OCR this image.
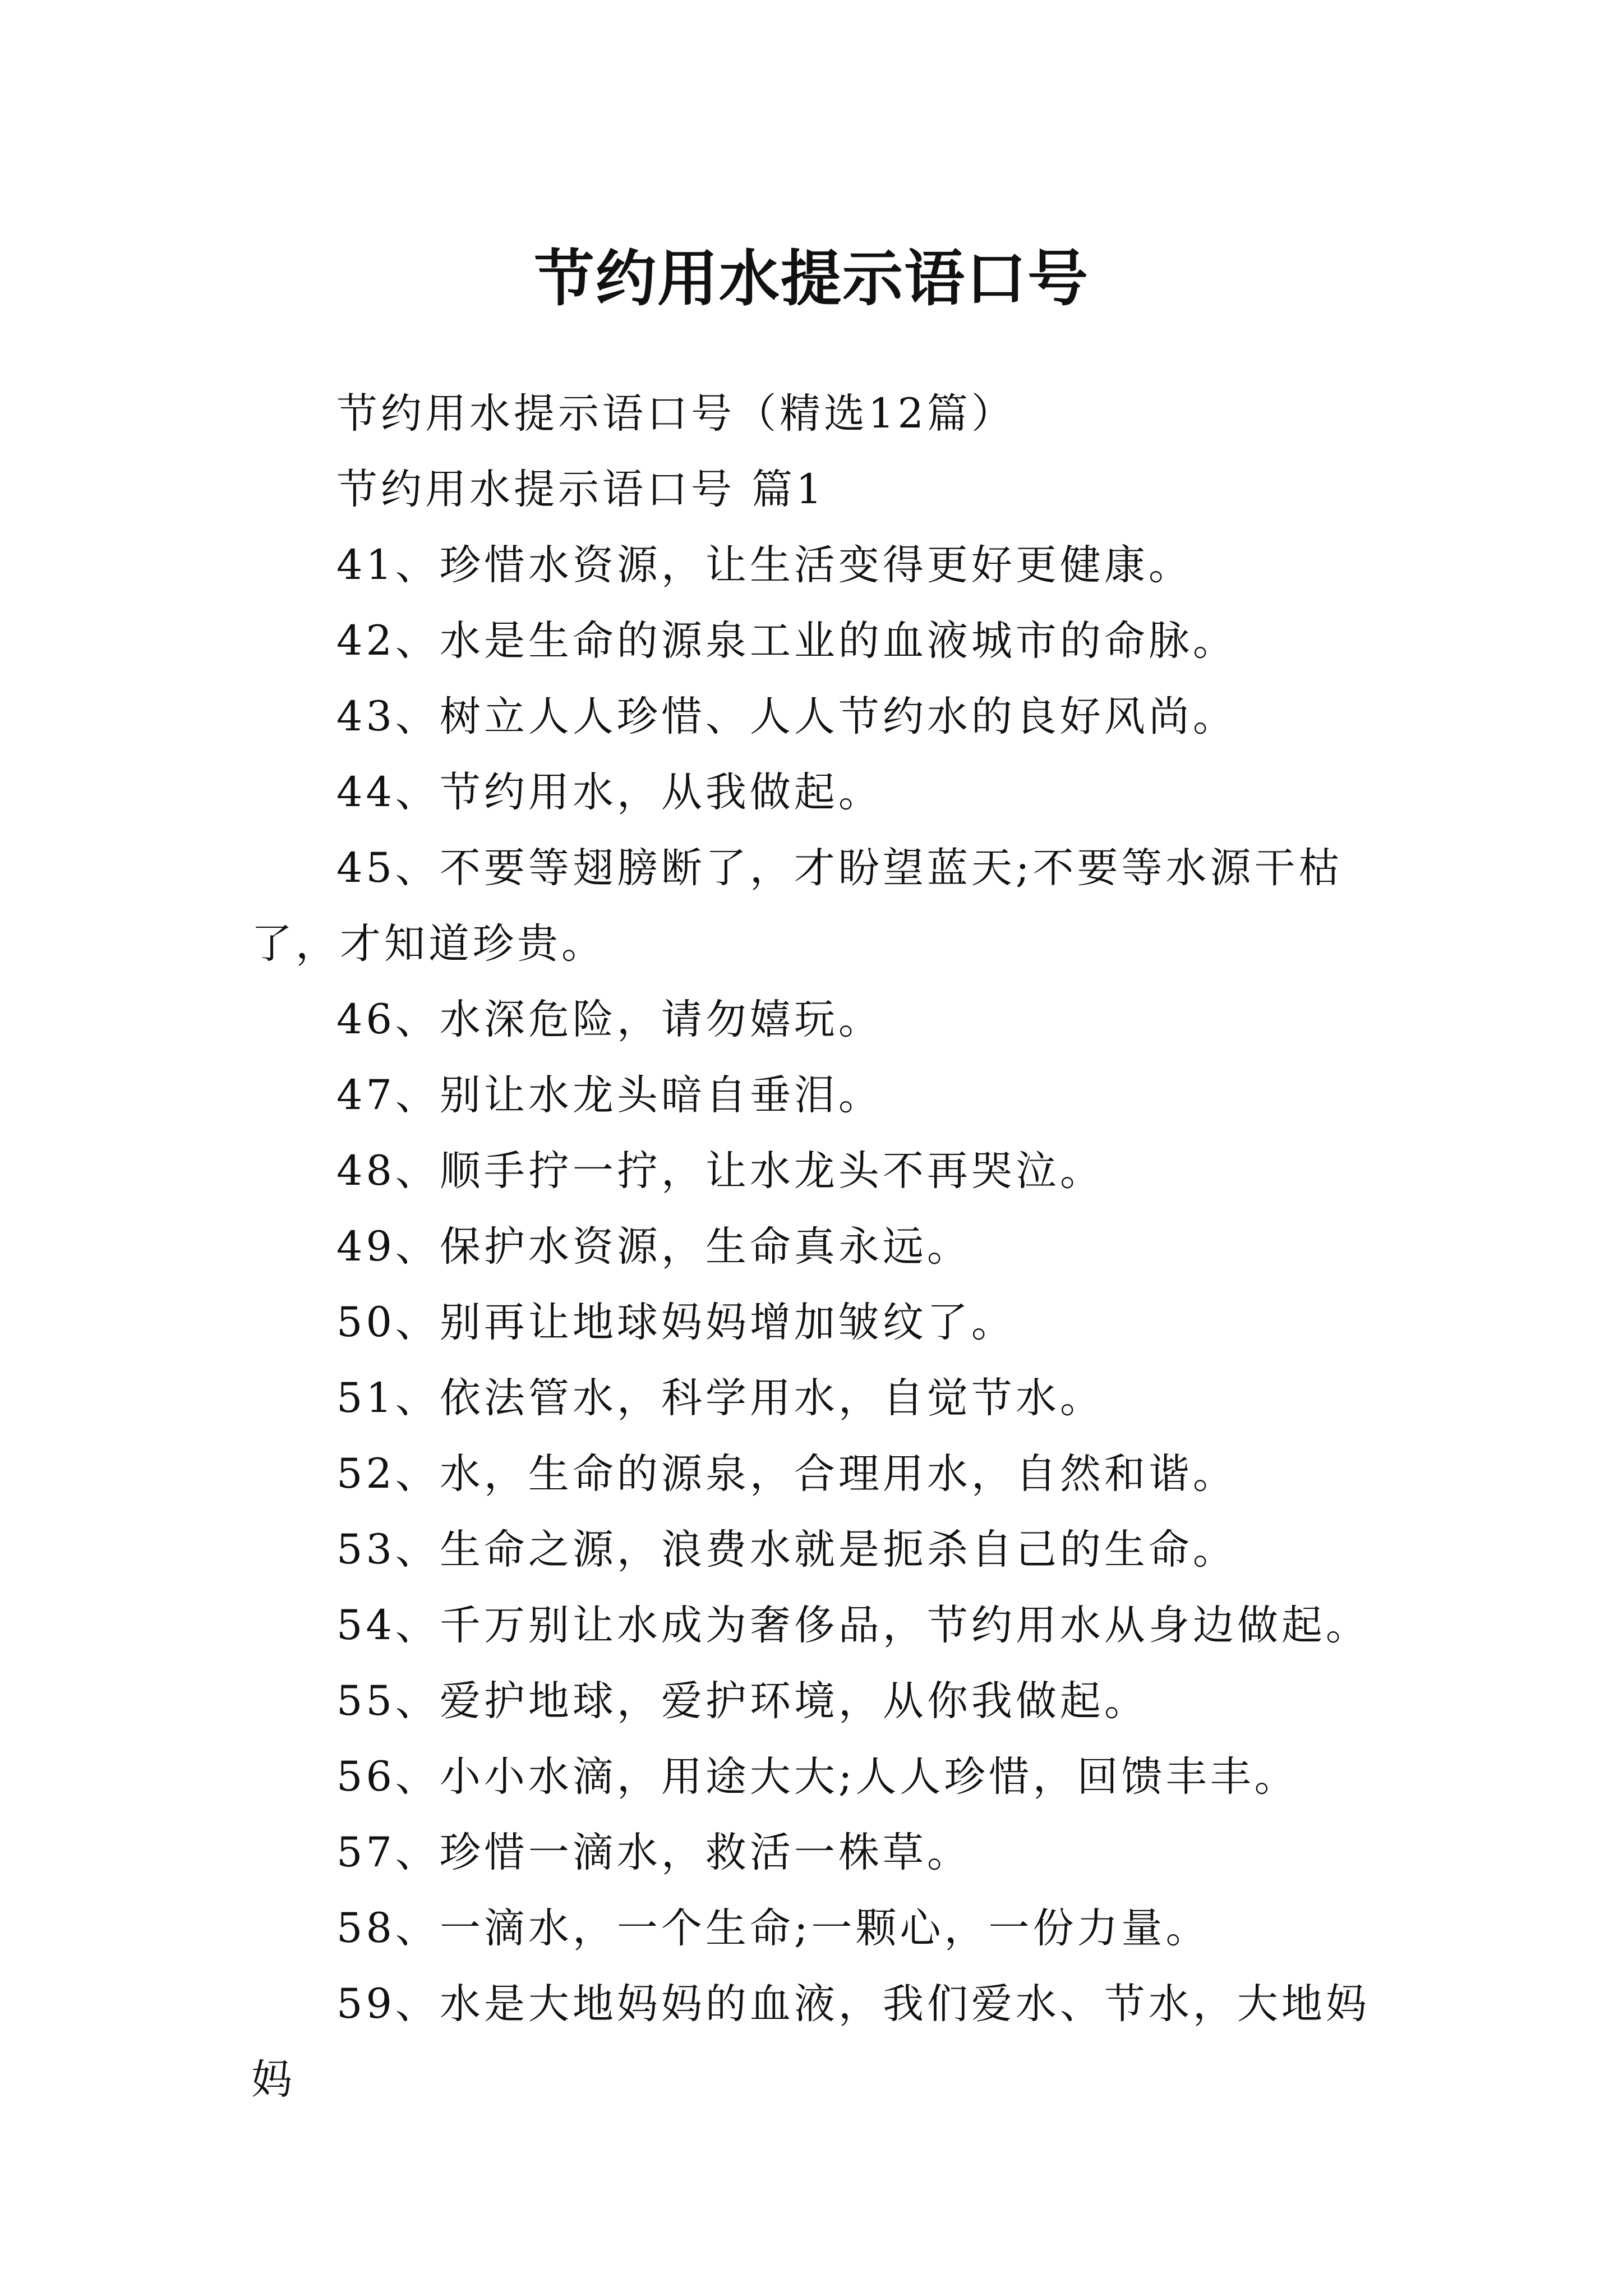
节约用水提示语口号

节约用水提示语口号（精选12篇）

节约用水提示语口号 篇1

41、珍惜水资源，让生活变得更好更健康。

42、水是生命的源泉工业的血液城市的命脉。

43、树立人人珍惜、人人节约水的良好风尚。

44、节约用水，从我做起。

45、不要等翅膀断了，才盼望蓝天;不要等水源干枯了，才知道珍贵。

46、水深危险，请勿嬉玩。

47、别让水龙头暗自垂泪。

48、顺手拧一拧，让水龙头不再哭泣。

49、保护水资源，生命真永远。

50、别再让地球妈妈增加皱纹了。

51、依法管水，科学用水，自觉节水。

52、水，生命的源泉，合理用水，自然和谐。

53、生命之源，浪费水就是扼杀自己的生命。

54、千万别让水成为奢侈品，节约用水从身边做起。

55、爱护地球，爱护环境，从你我做起。

56、小小水滴，用途大大;人人珍惜，回馈丰丰。

57、珍惜一滴水，救活一株草。

58、一滴水，一个生命;一颗心，一份力量。

59、水是大地妈妈的血液，我们爱水、节水，大地妈妈
